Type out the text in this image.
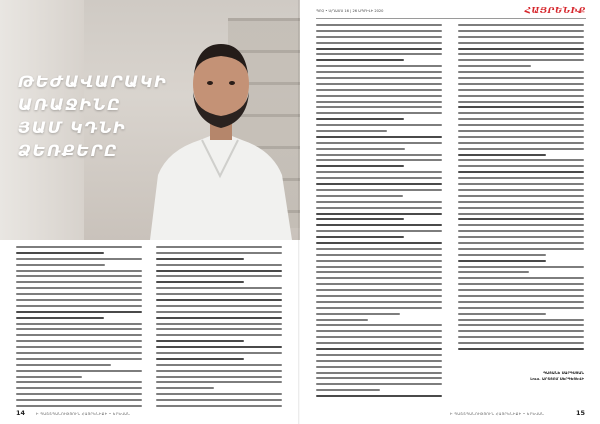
ԹԵԺԱՎԱՐԱԿԻ
ԱՌԱՋԻՆԸ
ՅԱՄ ԿԴՆԻ
ՁԵՌՔԵՐԸ
14	Ի ՊԱՇՏՊԱՆՈՒԹՅՈՒՆ ՀԱՅՐԵՆԻՔԻ • ԵՐԵՎԱՆ
ՊՈՉ • Ս/ՂԱՄՍ 16 | 26 ԱՊՐԻԼԻ 2020	ՀԱՅՐԵՆԻՔ
ԳԱՅԱՆԵ ՍԱՐԳՍՅԱՆ
Լուս. ԱՐՏՅՈՄ ՍԵՐԳԵՅԵՎԻ
Ի ՊԱՇՏՊԱՆՈՒԹՅՈՒՆ ՀԱՅՐԵՆԻՔԻ • ԵՐԵՎԱՆ	15
